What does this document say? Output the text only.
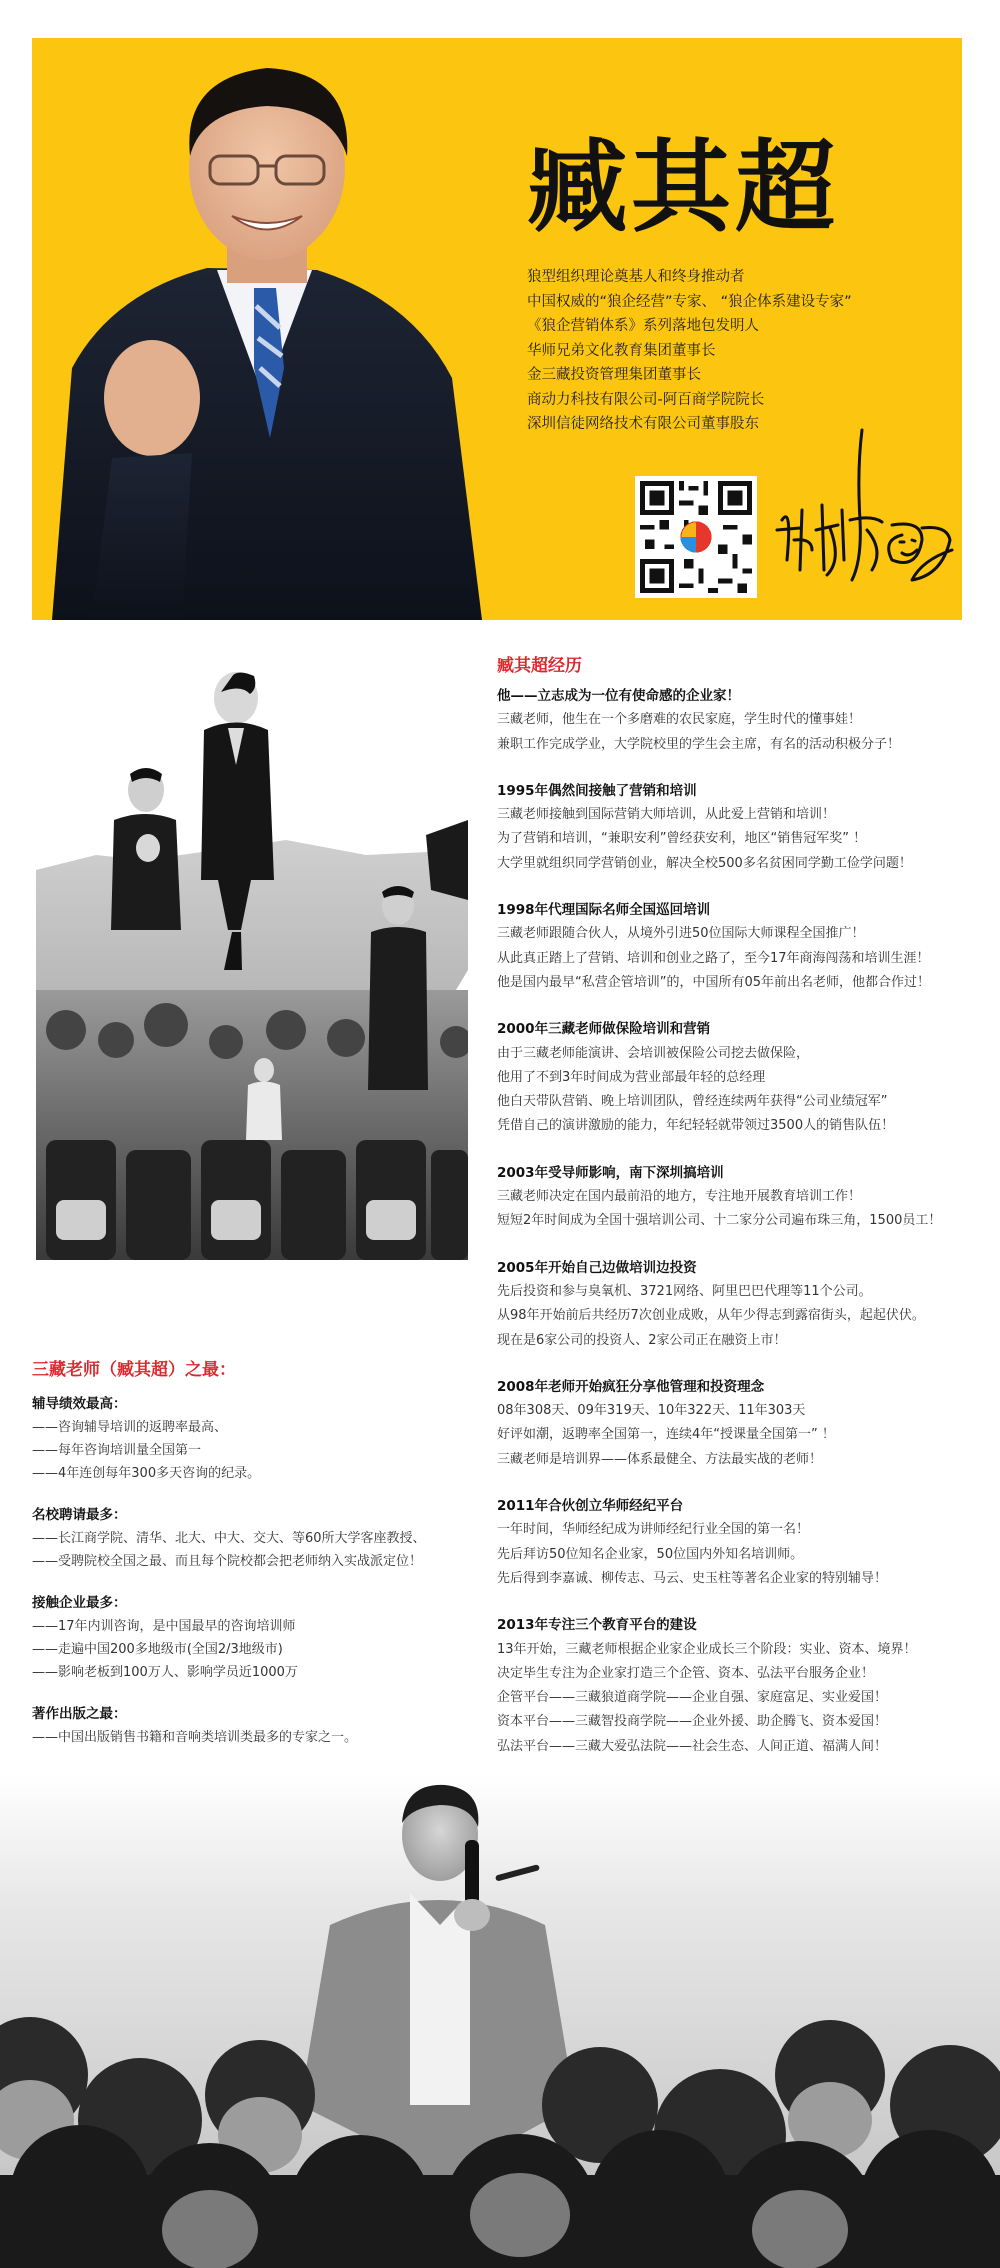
臧其超
狼型组织理论奠基人和终身推动者
中国权威的“狼企经营”专家、 “狼企体系建设专家”
《狼企营销体系》系列落地包发明人
华师兄弟文化教育集团董事长
金三藏投资管理集团董事长
商动力科技有限公司-阿百商学院院长
深圳信徒网络技术有限公司董事股东
三藏老师（臧其超）之最：
辅导绩效最高：
——咨询辅导培训的返聘率最高、
——每年咨询培训量全国第一
——4年连创每年300多天咨询的纪录。
名校聘请最多：
——长江商学院、清华、北大、中大、交大、等60所大学客座教授、
——受聘院校全国之最、而且每个院校都会把老师纳入实战派定位！
接触企业最多：
——17年内训咨询，是中国最早的咨询培训师
——走遍中国200多地级市(全国2/3地级市)
——影响老板到100万人、影响学员近1000万
著作出版之最：
——中国出版销售书籍和音响类培训类最多的专家之一。
臧其超经历
他——立志成为一位有使命感的企业家！
三藏老师，他生在一个多磨难的农民家庭，学生时代的懂事娃！
兼职工作完成学业，大学院校里的学生会主席，有名的活动积极分子！
1995年偶然间接触了营销和培训
三藏老师接触到国际营销大师培训，从此爱上营销和培训！
为了营销和培训，“兼职安利”曾经获安利，地区“销售冠军奖” ！
大学里就组织同学营销创业，解决全校500多名贫困同学勤工俭学问题！
1998年代理国际名师全国巡回培训
三藏老师跟随合伙人，从境外引进50位国际大师课程全国推广！
从此真正踏上了营销、培训和创业之路了，至今17年商海闯荡和培训生涯！
他是国内最早“私营企管培训”的，中国所有05年前出名老师，他都合作过！
2000年三藏老师做保险培训和营销
由于三藏老师能演讲、会培训被保险公司挖去做保险，
他用了不到3年时间成为营业部最年轻的总经理
他白天带队营销、晚上培训团队，曾经连续两年获得“公司业绩冠军”
凭借自己的演讲激励的能力，年纪轻轻就带领过3500人的销售队伍！
2003年受导师影响，南下深圳搞培训
三藏老师决定在国内最前沿的地方，专注地开展教育培训工作！
短短2年时间成为全国十强培训公司、十二家分公司遍布珠三角，1500员工！
2005年开始自己边做培训边投资
先后投资和参与臭氧机、3721网络、阿里巴巴代理等11个公司。
从98年开始前后共经历7次创业成败，从年少得志到露宿街头，起起伏伏。
现在是6家公司的投资人、2家公司正在融资上市！
2008年老师开始疯狂分享他管理和投资理念
08年308天、09年319天、10年322天、11年303天
好评如潮，返聘率全国第一，连续4年“授课量全国第一” ！
三藏老师是培训界——体系最健全、方法最实战的老师！
2011年合伙创立华师经纪平台
一年时间，华师经纪成为讲师经纪行业全国的第一名！
先后拜访50位知名企业家，50位国内外知名培训师。
先后得到李嘉诚、柳传志、马云、史玉柱等著名企业家的特别辅导！
2013年专注三个教育平台的建设
13年开始，三藏老师根据企业家企业成长三个阶段：实业、资本、境界！
决定毕生专注为企业家打造三个企管、资本、弘法平台服务企业！
企管平台——三藏狼道商学院——企业自强、家庭富足、实业爱国！
资本平台——三藏智投商学院——企业外援、助企腾飞、资本爱国！
弘法平台——三藏大爱弘法院——社会生态、人间正道、福满人间！
